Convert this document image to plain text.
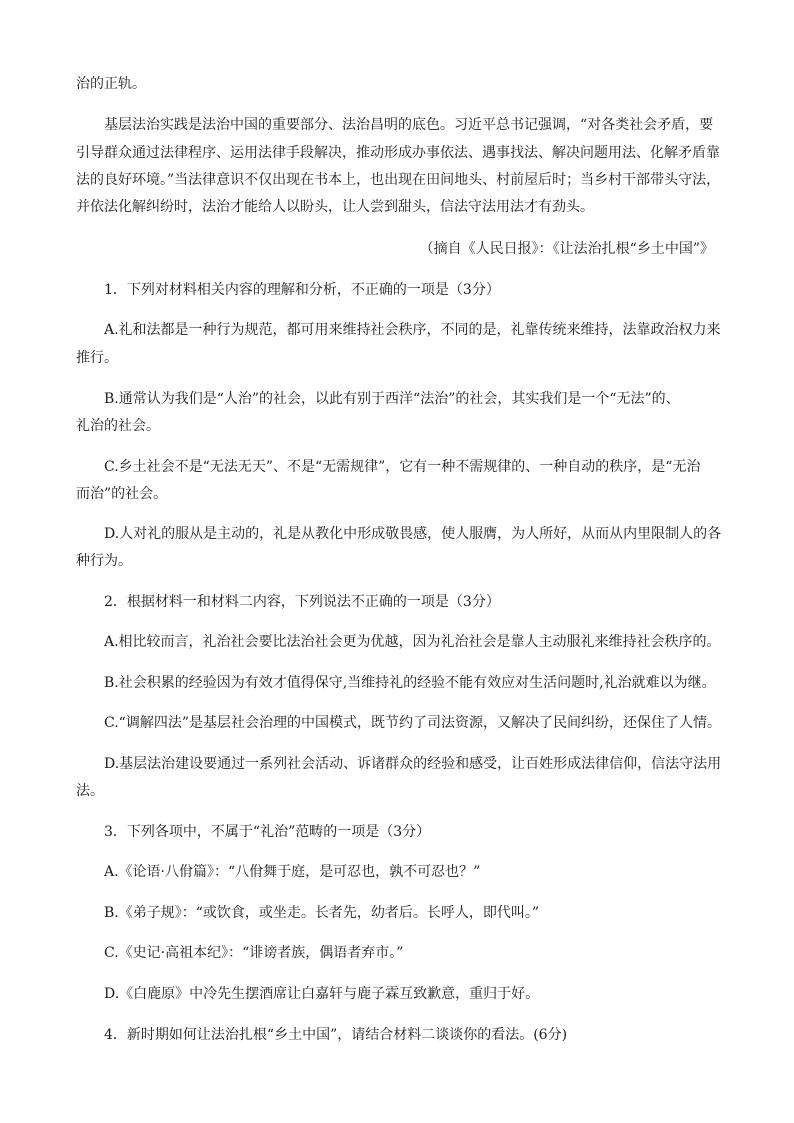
治的正轨。
基层法治实践是法治中国的重要部分、法治昌明的底色。习近平总书记强调，“对各类社会矛盾，要
引导群众通过法律程序、运用法律手段解决，推动形成办事依法、遇事找法、解决问题用法、化解矛盾靠
法的良好环境。”当法律意识不仅出现在书本上，也出现在田间地头、村前屋后时；当乡村干部带头守法，
并依法化解纠纷时，法治才能给人以盼头，让人尝到甜头，信法守法用法才有劲头。
（摘自《人民日报》：《让法治扎根“乡土中国”》
1．下列对材料相关内容的理解和分析，不正确的一项是（3分）
A.礼和法都是一种行为规范，都可用来维持社会秩序，不同的是，礼靠传统来维持，法靠政治权力来
推行。
B.通常认为我们是“人治”的社会，以此有别于西洋“法治”的社会，其实我们是一个“无法”的、
礼治的社会。
C.乡土社会不是“无法无天”、不是“无需规律”，它有一种不需规律的、一种自动的秩序，是“无治
而治”的社会。
D.人对礼的服从是主动的，礼是从教化中形成敬畏感，使人服膺，为人所好，从而从内里限制人的各
种行为。
2．根据材料一和材料二内容，下列说法不正确的一项是（3分）
A.相比较而言，礼治社会要比法治社会更为优越，因为礼治社会是靠人主动服礼来维持社会秩序的。
B.社会积累的经验因为有效才值得保守,当维持礼的经验不能有效应对生活问题时,礼治就难以为继。
C.“调解四法”是基层社会治理的中国模式，既节约了司法资源，又解决了民间纠纷，还保住了人情。
D.基层法治建设要通过一系列社会活动、诉诸群众的经验和感受，让百姓形成法律信仰，信法守法用
法。
3．下列各项中，不属于“礼治”范畴的一项是（3分）
A.《论语·八佾篇》：“八佾舞于庭，是可忍也，孰不可忍也？”
B.《弟子规》：“或饮食，或坐走。长者先，幼者后。长呼人，即代叫。”
C.《史记·高祖本纪》：“诽谤者族，偶语者弃市。”
D.《白鹿原》中冷先生摆酒席让白嘉轩与鹿子霖互致歉意，重归于好。
4．新时期如何让法治扎根“乡土中国”，请结合材料二谈谈你的看法。(6分)
